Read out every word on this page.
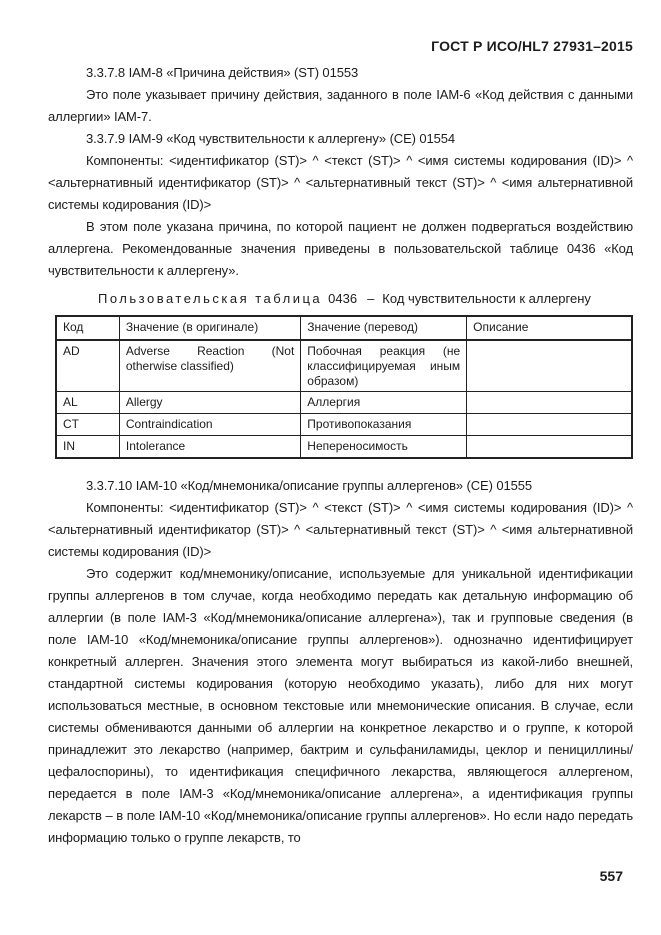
ГОСТ Р ИСО/HL7 27931–2015

3.3.7.8 IAM-8 «Причина действия» (ST) 01553

Это поле указывает причину действия, заданного в поле IAM-6 «Код действия с данными аллергии» IAM-7.

3.3.7.9 IAM-9 «Код чувствительности к аллергену» (CE) 01554

Компоненты: <идентификатор (ST)> ^ <текст (ST)> ^ <имя системы кодирования (ID)> ^ <альтернативный идентификатор (ST)> ^ <альтернативный текст (ST)> ^ <имя альтернативной системы кодирования (ID)>

В этом поле указана причина, по которой пациент не должен подвергаться воздействию аллергена. Рекомендованные значения приведены в пользовательской таблице 0436 «Код чувствительности к аллергену».

Пользовательская таблица 0436 – Код чувствительности к аллергену
Код	Значение (в оригинале)	Значение (перевод)	Описание
AD	Adverse Reaction (Not otherwise classified)	Побочная реакция (не классифицируемая иным образом)	
AL	Allergy	Аллергия	
CT	Contraindication	Противопоказания	
IN	Intolerance	Непереносимость	

3.3.7.10 IAM-10 «Код/мнемоника/описание группы аллергенов» (CE) 01555

Компоненты: <идентификатор (ST)> ^ <текст (ST)> ^ <имя системы кодирования (ID)> ^ <альтернативный идентификатор (ST)> ^ <альтернативный текст (ST)> ^ <имя альтернативной системы кодирования (ID)>

Это содержит код/мнемонику/описание, используемые для уникальной идентификации группы аллергенов в том случае, когда необходимо передать как детальную информацию об аллергии (в поле IAM-3 «Код/мнемоника/описание аллергена»), так и групповые сведения (в поле IAM-10 «Код/мнемоника/описание группы аллергенов»). однозначно идентифицирует конкретный аллерген. Значения этого элемента могут выбираться из какой-либо внешней, стандартной системы кодирования (которую необходимо указать), либо для них могут использоваться местные, в основном текстовые или мнемонические описания. В случае, если системы обмениваются данными об аллергии на конкретное лекарство и о группе, к которой принадлежит это лекарство (например, бактрим и сульфаниламиды, цеклор и пенициллины/цефалоспорины), то идентификация специфичного лекарства, являющегося аллергеном, передается в поле IAM-3 «Код/мнемоника/описание аллергена», а идентификация группы лекарств – в поле IAM-10 «Код/мнемоника/описание группы аллергенов». Но если надо передать информацию только о группе лекарств, то

557
